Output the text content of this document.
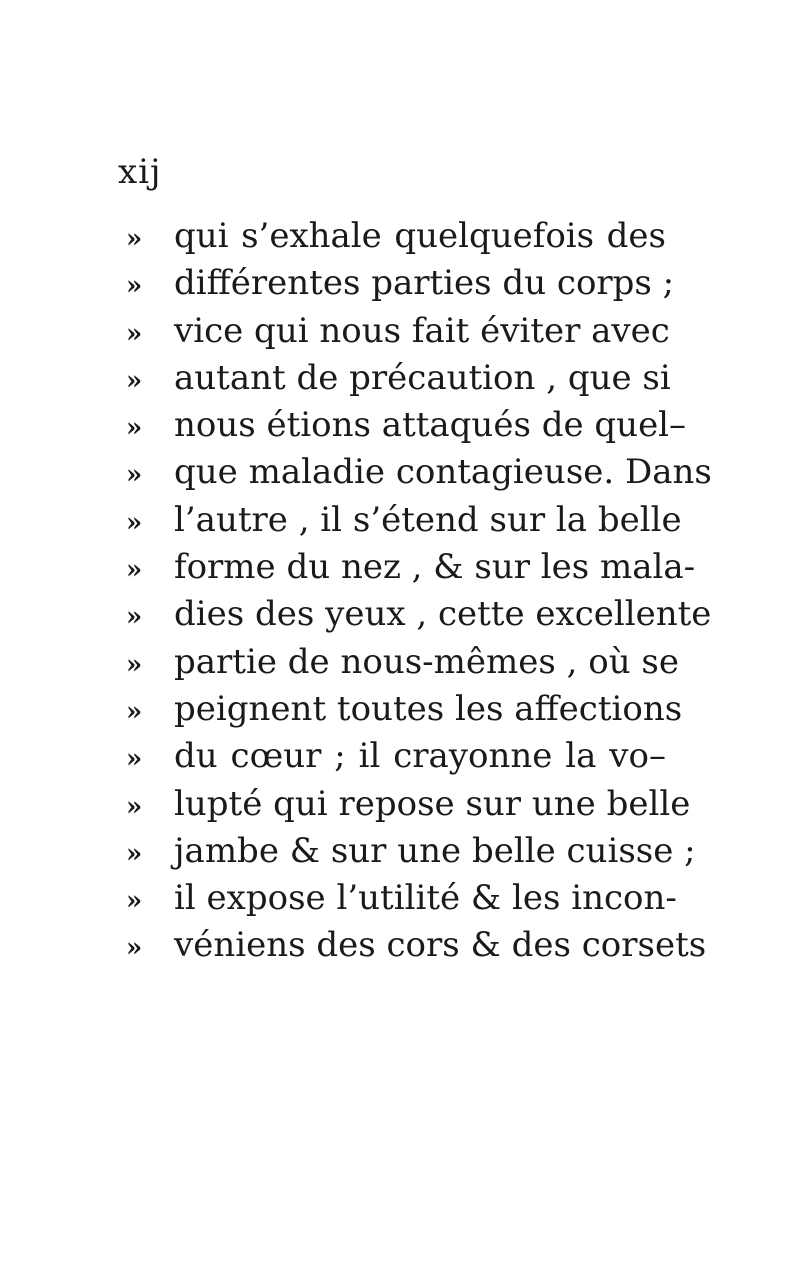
xij
» qui s’exhale quelquefois des
» différentes parties du corps ;
» vice qui nous fait éviter avec
» autant de précaution , que si
» nous étions attaqués de quel–
» que maladie contagieuse. Dans
» l’autre , il s’étend sur la belle
» forme du nez , & sur les mala-
» dies des yeux , cette excellente
» partie de nous-mêmes , où se
» peignent toutes les affections
» du cœur ; il crayonne la vo–
» lupté qui repose sur une belle
» jambe & sur une belle cuisse ;
» il expose l’utilité & les incon-
» véniens des cors & des corsets
